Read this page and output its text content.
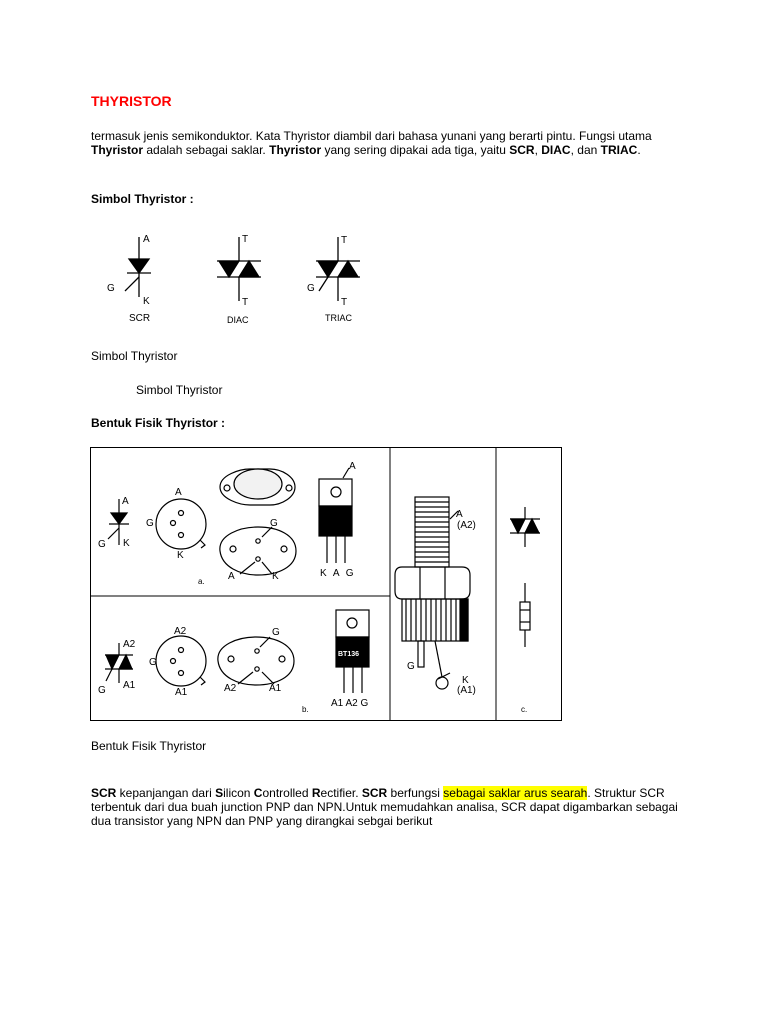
THYRISTOR
termasuk jenis semikonduktor. Kata Thyristor diambil dari bahasa yunani yang berarti pintu. Fungsi utama Thyristor adalah sebagai saklar. Thyristor yang sering dipakai ada tiga, yaitu SCR, DIAC, dan TRIAC.
Simbol Thyristor :
A
G
K
SCR
T
T
DIAC
T
G
T
TRIAC
Simbol Thyristor
Simbol Thyristor
Bentuk Fisik Thyristor :
A
G K
A
G
K
G
A	K
a.
A
K A G
A2
G A1
A2
G
A1
G
A2	A1
BT136
A1 A2 G
b.
A
(A2)
G
K
(A1)
c.
Bentuk Fisik Thyristor
SCR kepanjangan dari Silicon Controlled Rectifier. SCR berfungsi sebagai saklar arus searah. Struktur SCR terbentuk dari dua buah junction PNP dan NPN.Untuk memudahkan analisa, SCR dapat digambarkan sebagai dua transistor yang NPN dan PNP yang dirangkai sebgai berikut
